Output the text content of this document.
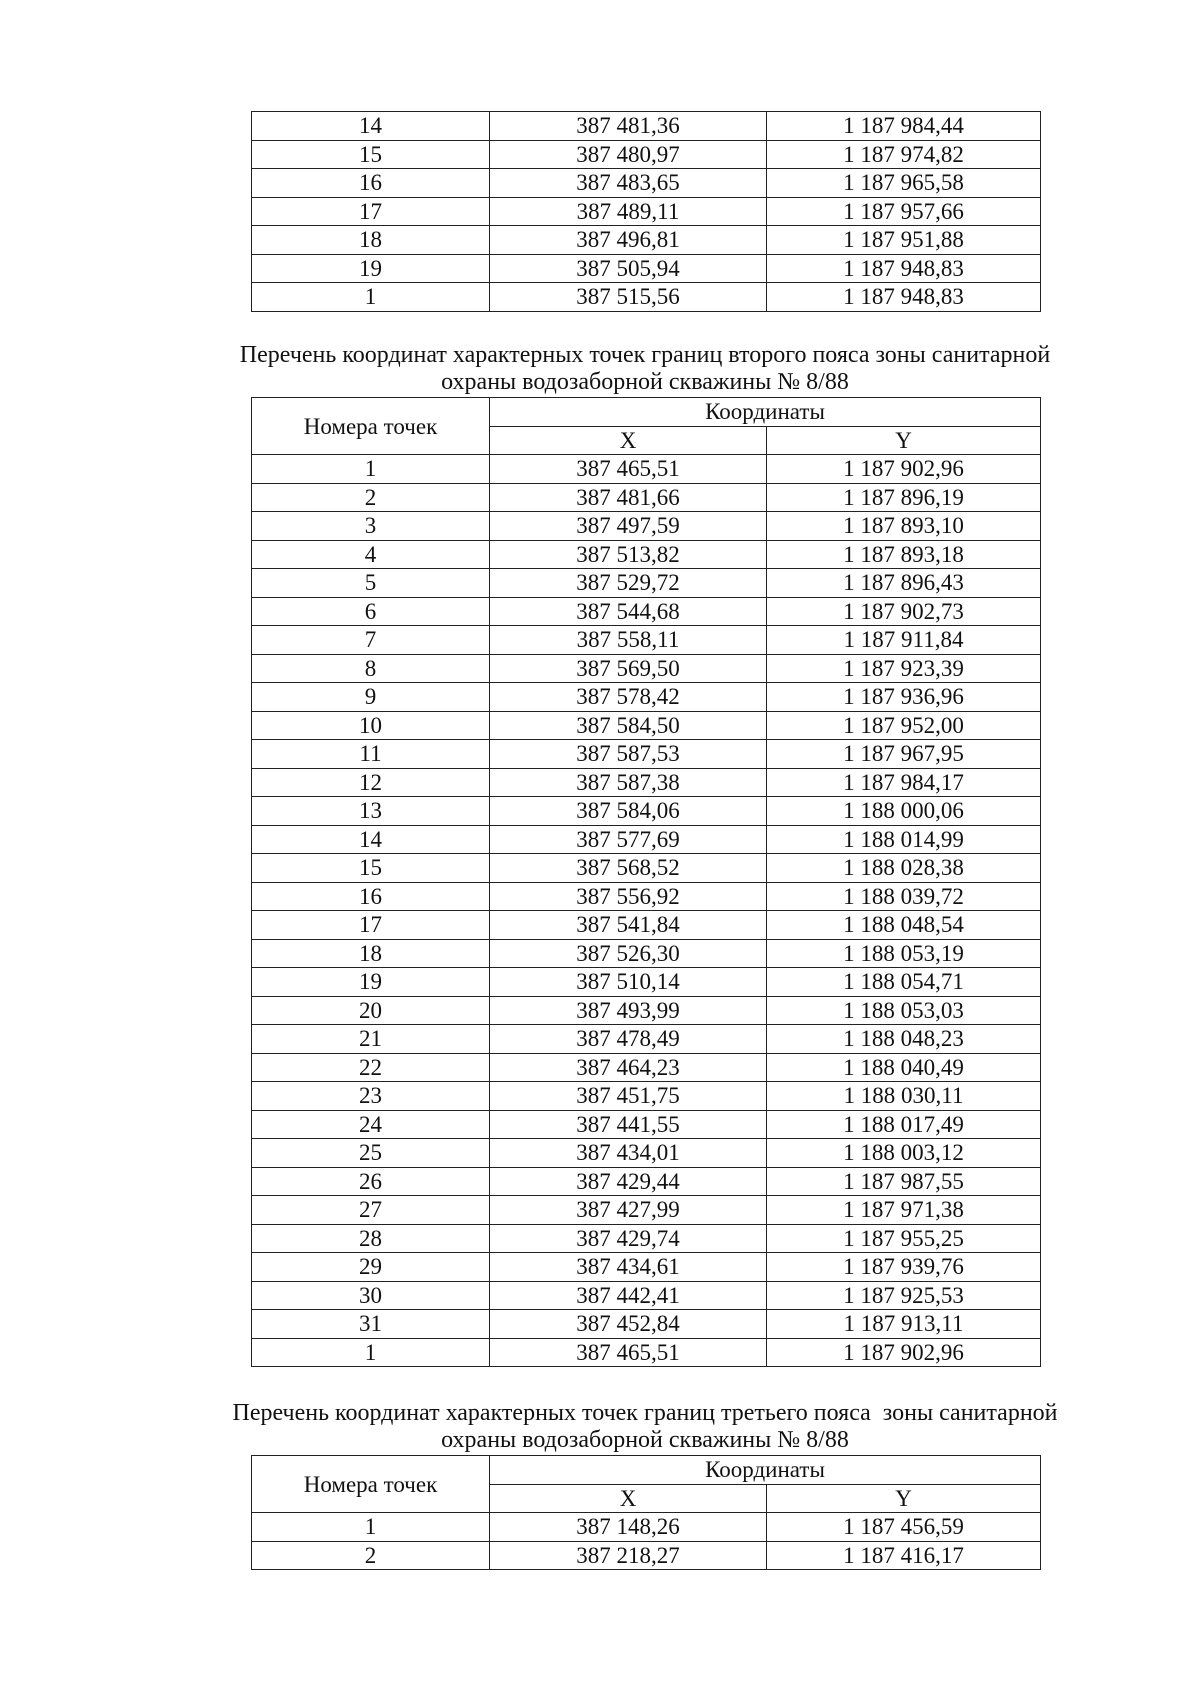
14	387 481,36	1 187 984,44
15	387 480,97	1 187 974,82
16	387 483,65	1 187 965,58
17	387 489,11	1 187 957,66
18	387 496,81	1 187 951,88
19	387 505,94	1 187 948,83
1	387 515,56	1 187 948,83
Перечень координат характерных точек границ второго пояса зоны санитарной
охраны водозаборной скважины № 8/88
Номера точек	Координаты	
	X	Y
1	387 465,51	1 187 902,96
2	387 481,66	1 187 896,19
3	387 497,59	1 187 893,10
4	387 513,82	1 187 893,18
5	387 529,72	1 187 896,43
6	387 544,68	1 187 902,73
7	387 558,11	1 187 911,84
8	387 569,50	1 187 923,39
9	387 578,42	1 187 936,96
10	387 584,50	1 187 952,00
11	387 587,53	1 187 967,95
12	387 587,38	1 187 984,17
13	387 584,06	1 188 000,06
14	387 577,69	1 188 014,99
15	387 568,52	1 188 028,38
16	387 556,92	1 188 039,72
17	387 541,84	1 188 048,54
18	387 526,30	1 188 053,19
19	387 510,14	1 188 054,71
20	387 493,99	1 188 053,03
21	387 478,49	1 188 048,23
22	387 464,23	1 188 040,49
23	387 451,75	1 188 030,11
24	387 441,55	1 188 017,49
25	387 434,01	1 188 003,12
26	387 429,44	1 187 987,55
27	387 427,99	1 187 971,38
28	387 429,74	1 187 955,25
29	387 434,61	1 187 939,76
30	387 442,41	1 187 925,53
31	387 452,84	1 187 913,11
1	387 465,51	1 187 902,96
Перечень координат характерных точек границ третьего пояса  зоны санитарной
охраны водозаборной скважины № 8/88
Номера точек	Координаты	
	X	Y
1	387 148,26	1 187 456,59
2	387 218,27	1 187 416,17
